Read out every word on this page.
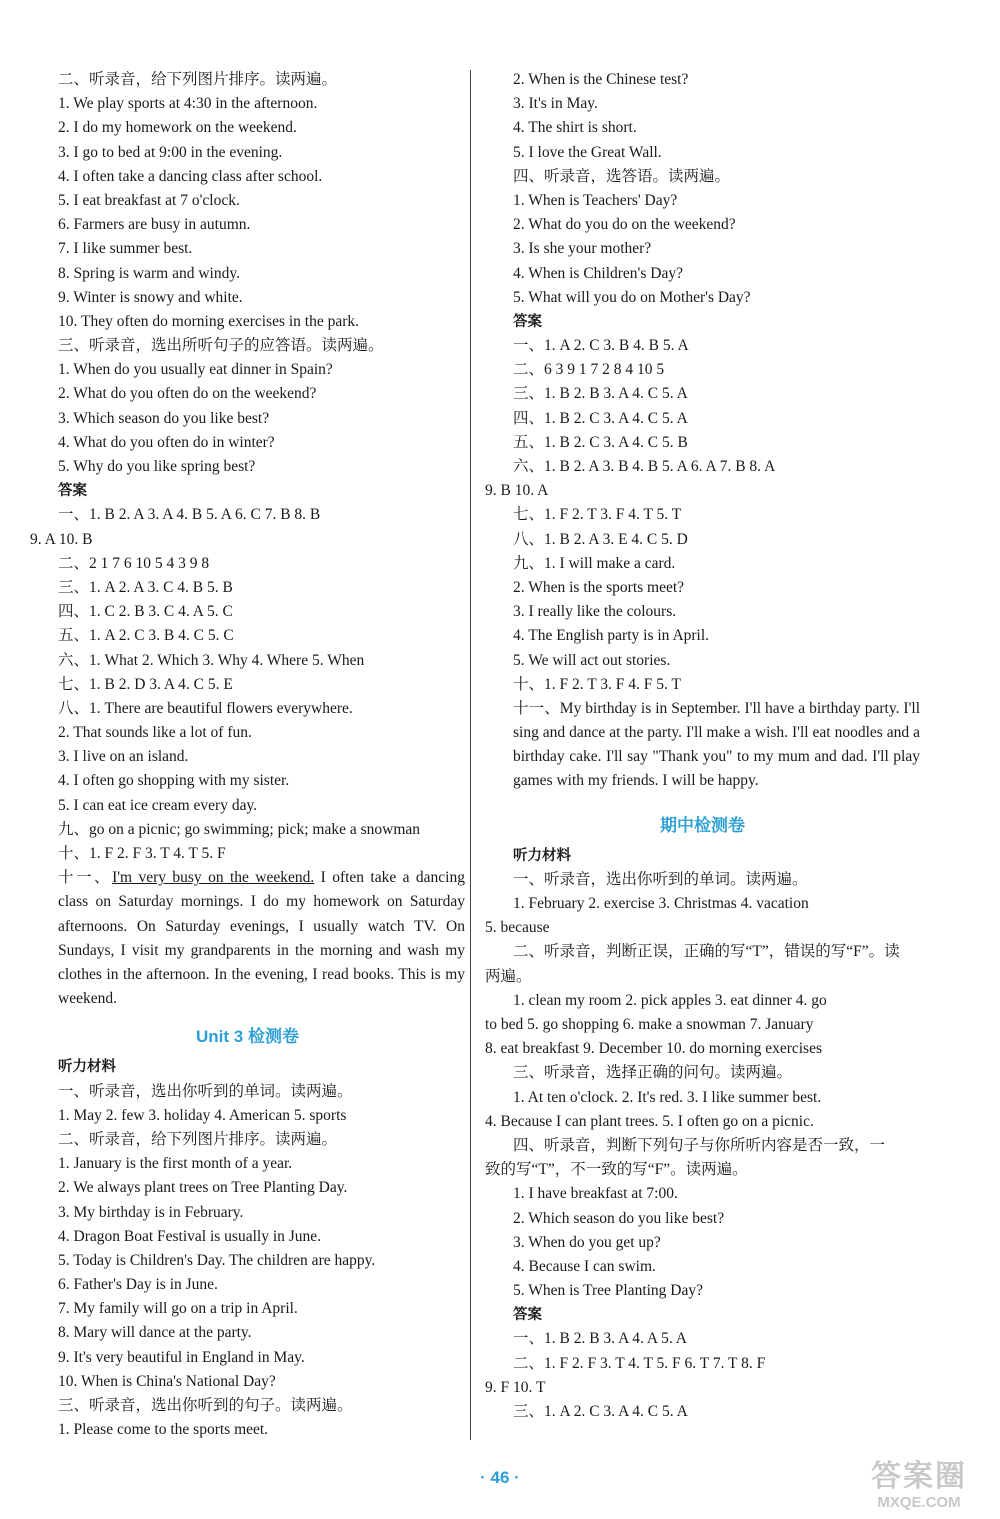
二、听录音，给下列图片排序。读两遍。
1. We play sports at 4:30 in the afternoon.
2. I do my homework on the weekend.
3. I go to bed at 9:00 in the evening.
4. I often take a dancing class after school.
5. I eat breakfast at 7 o'clock.
6. Farmers are busy in autumn.
7. I like summer best.
8. Spring is warm and windy.
9. Winter is snowy and white.
10. They often do morning exercises in the park.
三、听录音，选出所听句子的应答语。读两遍。
1. When do you usually eat dinner in Spain?
2. What do you often do on the weekend?
3. Which season do you like best?
4. What do you often do in winter?
5. Why do you like spring best?
答案
一、1. B 2. A 3. A 4. B 5. A 6. C 7. B 8. B
9. A 10. B
二、2 1 7 6 10 5 4 3 9 8
三、1. A 2. A 3. C 4. B 5. B
四、1. C 2. B 3. C 4. A 5. C
五、1. A 2. C 3. B 4. C 5. C
六、1. What 2. Which 3. Why 4. Where 5. When
七、1. B 2. D 3. A 4. C 5. E
八、1. There are beautiful flowers everywhere.
2. That sounds like a lot of fun.
3. I live on an island.
4. I often go shopping with my sister.
5. I can eat ice cream every day.
九、go on a picnic; go swimming; pick; make a snowman
十、1. F 2. F 3. T 4. T 5. F
十一、I'm very busy on the weekend. I often take a dancing class on Saturday mornings. I do my homework on Saturday afternoons. On Saturday evenings, I usually watch TV. On Sundays, I visit my grandparents in the morning and wash my clothes in the afternoon. In the evening, I read books. This is my weekend.
Unit 3 检测卷
听力材料
一、听录音，选出你听到的单词。读两遍。
1. May 2. few 3. holiday 4. American 5. sports
二、听录音，给下列图片排序。读两遍。
1. January is the first month of a year.
2. We always plant trees on Tree Planting Day.
3. My birthday is in February.
4. Dragon Boat Festival is usually in June.
5. Today is Children's Day. The children are happy.
6. Father's Day is in June.
7. My family will go on a trip in April.
8. Mary will dance at the party.
9. It's very beautiful in England in May.
10. When is China's National Day?
三、听录音，选出你听到的句子。读两遍。
1. Please come to the sports meet.
2. When is the Chinese test?
3. It's in May.
4. The shirt is short.
5. I love the Great Wall.
四、听录音，选答语。读两遍。
1. When is Teachers' Day?
2. What do you do on the weekend?
3. Is she your mother?
4. When is Children's Day?
5. What will you do on Mother's Day?
答案
一、1. A 2. C 3. B 4. B 5. A
二、6 3 9 1 7 2 8 4 10 5
三、1. B 2. B 3. A 4. C 5. A
四、1. B 2. C 3. A 4. C 5. A
五、1. B 2. C 3. A 4. C 5. B
六、1. B 2. A 3. B 4. B 5. A 6. A 7. B 8. A
9. B 10. A
七、1. F 2. T 3. F 4. T 5. T
八、1. B 2. A 3. E 4. C 5. D
九、1. I will make a card.
2. When is the sports meet?
3. I really like the colours.
4. The English party is in April.
5. We will act out stories.
十、1. F 2. T 3. F 4. F 5. T
十一、My birthday is in September. I'll have a birthday party. I'll sing and dance at the party. I'll make a wish. I'll eat noodles and a birthday cake. I'll say "Thank you" to my mum and dad. I'll play games with my friends. I will be happy.
期中检测卷
听力材料
一、听录音，选出你听到的单词。读两遍。
1. February 2. exercise 3. Christmas 4. vacation
5. because
二、听录音，判断正误，正确的写“T”，错误的写“F”。读
两遍。
1. clean my room 2. pick apples 3. eat dinner 4. go
to bed 5. go shopping 6. make a snowman 7. January
8. eat breakfast 9. December 10. do morning exercises
三、听录音，选择正确的问句。读两遍。
1. At ten o'clock. 2. It's red. 3. I like summer best.
4. Because I can plant trees. 5. I often go on a picnic.
四、听录音，判断下列句子与你所听内容是否一致，一
致的写“T”，不一致的写“F”。读两遍。
1. I have breakfast at 7:00.
2. Which season do you like best?
3. When do you get up?
4. Because I can swim.
5. When is Tree Planting Day?
答案
一、1. B 2. B 3. A 4. A 5. A
二、1. F 2. F 3. T 4. T 5. F 6. T 7. T 8. F
9. F 10. T
三、1. A 2. C 3. A 4. C 5. A
· 46 ·	答案圈
MXQE.COM
